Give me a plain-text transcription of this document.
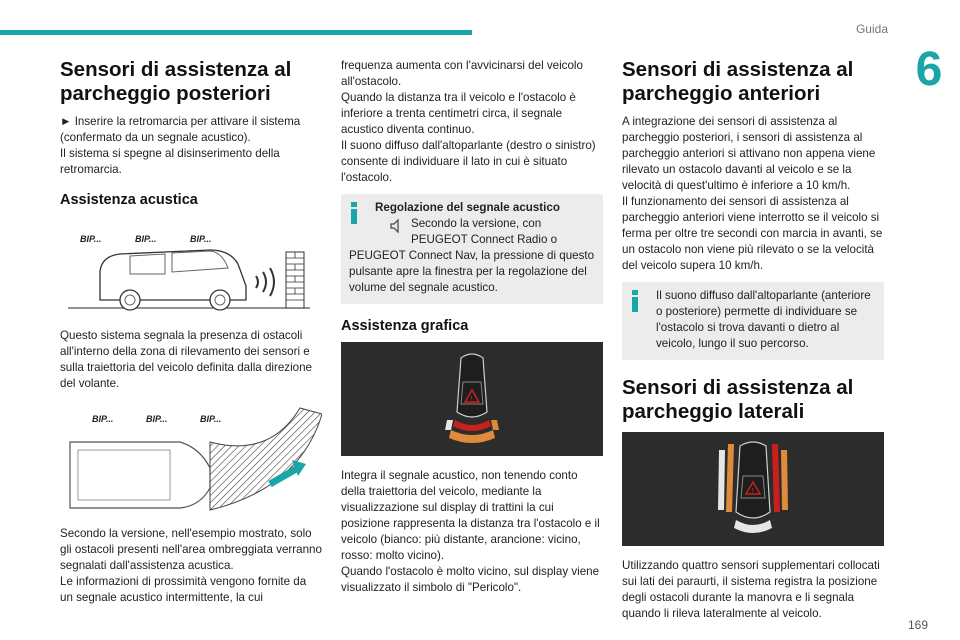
Guida
6
Sensori di assistenza al parcheggio posteriori

► Inserire la retromarcia per attivare il sistema (confermato da un segnale acustico).

Il sistema si spegne al disinserimento della retromarcia.

Assistenza acustica
BIP...	BIP...	BIP...

Questo sistema segnala la presenza di ostacoli all'interno della zona di rilevamento dei sensori e sulla traiettoria del veicolo definita dalla direzione del volante.

BIP...	BIP...	BIP...

Secondo la versione, nell'esempio mostrato, solo gli ostacoli presenti nell'area ombreggiata verranno segnalati dall'assistenza acustica.

Le informazioni di prossimità vengono fornite da un segnale acustico intermittente, la cui

frequenza aumenta con l'avvicinarsi del veicolo all'ostacolo.

Quando la distanza tra il veicolo e l'ostacolo è inferiore a trenta centimetri circa, il segnale acustico diventa continuo.

Il suono diffuso dall'altoparlante (destro o sinistro) consente di individuare il lato in cui è situato l'ostacolo.

Regolazione del segnale acustico
Secondo la versione, con PEUGEOT Connect Radio o
PEUGEOT Connect Nav, la pressione di questo pulsante apre la finestra per la regolazione del volume del segnale acustico.
Assistenza grafica
!

Integra il segnale acustico, non tenendo conto della traiettoria del veicolo, mediante la visualizzazione sul display di trattini la cui posizione rappresenta la distanza tra l'ostacolo e il veicolo (bianco: più distante, arancione: vicino, rosso: molto vicino).

Quando l'ostacolo è molto vicino, sul display viene visualizzato il simbolo di "Pericolo".

Sensori di assistenza al parcheggio anteriori

A integrazione dei sensori di assistenza al parcheggio posteriori, i sensori di assistenza al parcheggio anteriori si attivano non appena viene rilevato un ostacolo davanti al veicolo e se la velocità di quest'ultimo è inferiore a 10 km/h.

Il funzionamento dei sensori di assistenza al parcheggio anteriori viene interrotto se il veicolo si ferma per oltre tre secondi con marcia in avanti, se un ostacolo non viene più rilevato o se la velocità del veicolo supera 10 km/h.

Il suono diffuso dall'altoparlante (anteriore o posteriore) permette di individuare se l'ostacolo si trova davanti o dietro al veicolo, lungo il suo percorso.
Sensori di assistenza al parcheggio laterali
!

Utilizzando quattro sensori supplementari collocati sui lati dei paraurti, il sistema registra la posizione degli ostacoli durante la manovra e li segnala quando li rileva lateralmente al veicolo.

169
